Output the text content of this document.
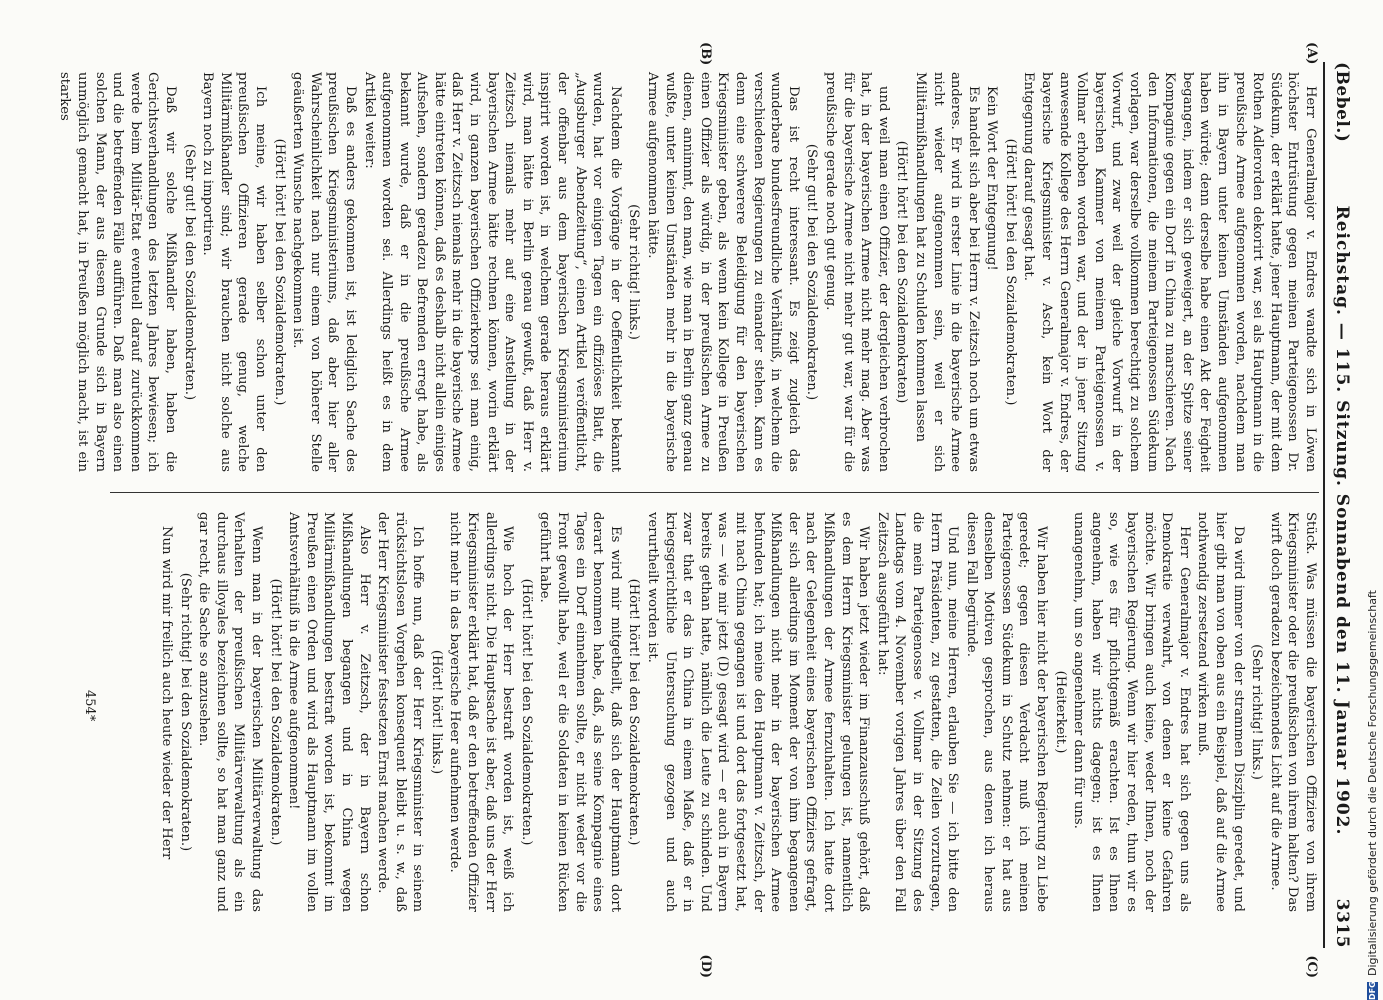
(Bebel.)
Reichstag. — 115. Sitzung. Sonnabend den 11. Januar 1902.
3315
(A)
(B)
(C)
(D)

Herr Generalmajor v. Endres wandte sich in Löwen höchster Entrüstung gegen meinen Parteigenossen Dr. Südekum, der erklärt hatte, jener Hauptmann, der mit dem Rothen Adlerorden dekorirt war, sei als Hauptmann in die preußische Armee aufgenommen worden, nachdem man ihn in Bayern unter keinen Umständen aufgenommen haben würde; denn derselbe habe einen Akt der Feigheit begangen, indem er sich geweigert, an der Spitze seiner Kompagnie gegen ein Dorf in China zu marschieren. Nach den Informationen, die meinem Parteigenossen Südekum vorlagen, war derselbe vollkommen berechtigt zu solchem Vorwurf, und zwar weil der gleiche Vorwurf in der bayerischen Kammer von meinem Parteigenossen v. Vollmar erhoben worden war, und der in jener Sitzung anwesende Kollege des Herrn Generalmajor v. Endres, der bayerische Kriegsminister v. Asch, kein Wort der Entgegnung darauf gesagt hat.

(Hört! hört! bei den Sozialdemokraten.)

Kein Wort der Entgegnung!

Es handelt sich aber bei Herrn v. Zeitzsch noch um etwas anderes. Er wird in erster Linie in die bayerische Armee nicht wieder aufgenommen sein, weil er sich Militärmißhandlungen hat zu Schulden kommen lassen

(Hört! hört! bei den Sozialdemokraten)

und weil man einen Offizier, der dergleichen verbrochen hat, in der bayerischen Armee nicht mehr mag. Aber was für die bayerische Armee nicht mehr gut war, war für die preußische gerade noch gut genug.

(Sehr gut! bei den Sozialdemokraten.)

Das ist recht interessant. Es zeigt zugleich das wunderbare bundesfreundliche Verhältniß, in welchem die verschiedenen Regierungen zu einander stehen. Kann es denn eine schwerere Beleidigung für den bayerischen Kriegsminister geben, als wenn kein Kollege in Preußen einen Offizier als würdig, in der preußischen Armee zu dienen, annimmt, den man, wie man in Berlin ganz genau wußte, unter keinen Umständen mehr in die bayerische Armee aufgenommen hätte.

(Sehr richtig! links.)

Nachdem die Vorgänge in der Oeffentlichkeit bekannt wurden, hat vor einigen Tagen ein offiziöses Blatt, die „Augsburger Abendzeitung“, einen Artikel veröffentlicht, der offenbar aus dem bayerischen Kriegsministerium inspirirt worden ist, in welchem gerade heraus erklärt wird, man hätte in Berlin genau gewußt, daß Herr v. Zeitzsch niemals mehr auf eine Anstellung in der bayerischen Armee hätte rechnen können, worin erklärt wird, in ganzen bayerischen Offizierkorps sei man einig, daß Herr v. Zeitzsch niemals mehr in die bayerische Armee hätte eintreten können, daß es deshalb nicht allein einiges Aufsehen, sondern geradezu Befremden erregt habe, als bekannt wurde, daß er in die preußische Armee aufgenommen worden sei. Allerdings heißt es in dem Artikel weiter:

Daß es anders gekommen ist, ist lediglich Sache des preußischen Kriegsministeriums, daß aber hier aller Wahrscheinlichkeit nach nur einem von höherer Stelle geäußerten Wunsche nachgekommen ist.

(Hört! hört! bei den Sozialdemokraten.)

Ich meine, wir haben selber schon unter den preußischen Offizieren gerade genug, welche Militärmißhandler sind; wir brauchen nicht solche aus Bayern noch zu importiren.

(Sehr gut! bei den Sozialdemokraten.)

Daß wir solche Mißhandler haben, haben die Gerichtsverhandlungen des letzten Jahres bewiesen; ich werde beim Militär-Etat eventuell darauf zurückkommen und die betreffenden Fälle aufführen. Daß man also einen solchen Mann, der aus diesem Grunde sich in Bayern unmöglich gemacht hat, in Preußen möglich macht, ist ein starkes

Stück. Was müssen die bayerischen Offiziere von ihrem Kriegsminister oder die preußischen von ihrem halten? Das wirft doch geradezu bezeichnendes Licht auf die Armee.

(Sehr richtig! links.)

Da wird immer von der strammen Disziplin geredet, und hier gibt man von oben aus ein Beispiel, daß auf die Armee nothwendig zersetzend wirken muß.

Herr Generalmajor v. Endres hat sich gegen uns als Demokratie verwahrt, von denen er keine Gefahren möchte. Wir bringen auch keine, weder Ihnen, noch der bayerischen Regierung. Wenn wir hier reden, thun wir es so, wie es für pflichtgemäß erachten. Ist es Ihnen angenehm, haben wir nichts dagegen; ist es Ihnen unangenehm, um so angenehmer dann für uns.

(Heiterkeit.)

Wir haben hier nicht der bayerischen Regierung zu Liebe geredet; gegen diesen Verdacht muß ich meinen Parteigenossen Südekum in Schutz nehmen: er hat aus denselben Motiven gesprochen, aus denen ich heraus diesen Fall begründe.

Und nun, meine Herren, erlauben Sie — ich bitte den Herrn Präsidenten, zu gestatten, die Zeilen vorzutragen, die mein Parteigenosse v. Vollmar in der Sitzung des Landtags vom 4. November vorigen Jahres über den Fall Zeitzsch ausgeführt hat:

Wir haben jetzt wieder im Finanzausschuß gehört, daß es dem Herrn Kriegsminister gelungen ist, namentlich Mißhandlungen der Armee fernzuhalten. Ich hatte dort nach der Gelegenheit eines bayerischen Offiziers gefragt, der sich allerdings im Moment der von ihm begangenen Mißhandlungen nicht mehr in der bayerischen Armee befunden hat; ich meine den Hauptmann v. Zeitzsch, der mit nach China gegangen ist und dort das fortgesetzt hat, was — wie mir jetzt (D) gesagt wird — er auch in Bayern bereits gethan hatte, nämlich die Leute zu schinden. Und zwar that er das in China in einem Maße, daß er in kriegsgerichtliche Untersuchung gezogen und auch verurtheilt worden ist.

(Hört! hört! bei den Sozialdemokraten.)

Es wird mir mitgetheilt, daß sich der Hauptmann dort derart benommen habe, daß, als seine Kompagnie eines Tages ein Dorf einnehmen sollte, er nicht weder vor die Front gewollt habe, weil er die Soldaten in keinen Rücken geführt habe.

(Hört! hört! bei den Sozialdemokraten.)

Wie hoch der Herr bestraft worden ist, weiß ich allerdings nicht. Die Hauptsache ist aber, daß uns der Herr Kriegsminister erklärt hat, daß er den betreffenden Offizier nicht mehr in das bayerische Heer aufnehmen werde.

(Hört! hört! links.)

Ich hoffe nun, daß der Herr Kriegsminister in seinem rücksichtslosen Vorgehen konsequent bleibt u. s. w., daß der Herr Kriegsminister festsetzen Ernst machen werde.

Also Herr v. Zeitzsch, der in Bayern schon Mißhandlungen begangen und in China wegen Militärmißhandlungen bestraft worden ist, bekommt im Preußen einen Orden und wird als Hauptmann im vollen Amtsverhältniß in die Armee aufgenommen!

(Hört! hört! bei den Sozialdemokraten.)

Wenn man in der bayerischen Militärverwaltung das Verhalten der preußischen Militärverwaltung als ein durchaus illoyales bezeichnen sollte, so hat man ganz und gar recht, die Sache so anzusehen.

(Sehr richtig! bei den Sozialdemokraten.)

Nun wird mir freilich auch heute wieder der Herr

454*
DFG
Digitalisierung gefördert durch die Deutsche Forschungsgemeinschaft
